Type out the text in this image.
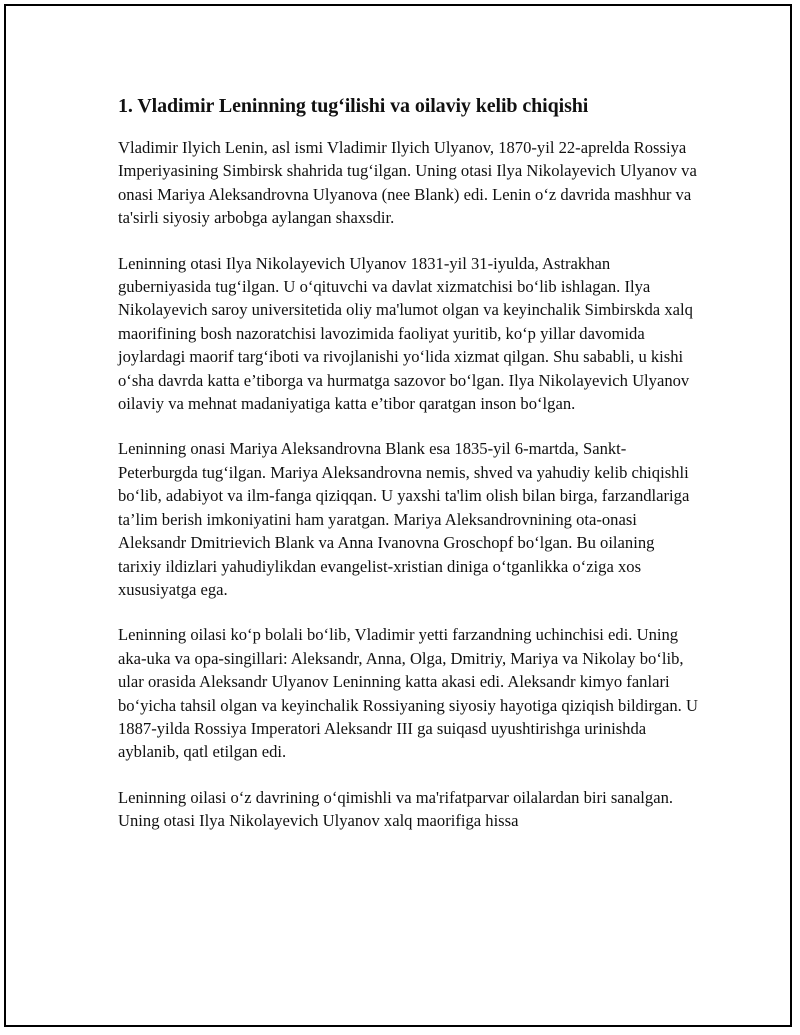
1. Vladimir Leninning tug‘ilishi va oilaviy kelib chiqishi

Vladimir Ilyich Lenin, asl ismi Vladimir Ilyich Ulyanov, 1870-yil 22-aprelda Rossiya Imperiyasining Simbirsk shahrida tug‘ilgan. Uning otasi Ilya Nikolayevich Ulyanov va onasi Mariya Aleksandrovna Ulyanova (nee Blank) edi. Lenin o‘z davrida mashhur va ta'sirli siyosiy arbobga aylangan shaxsdir.

Leninning otasi Ilya Nikolayevich Ulyanov 1831-yil 31-iyulda, Astrakhan guberniyasida tug‘ilgan. U o‘qituvchi va davlat xizmatchisi bo‘lib ishlagan. Ilya Nikolayevich saroy universitetida oliy ma'lumot olgan va keyinchalik Simbirskda xalq maorifining bosh nazoratchisi lavozimida faoliyat yuritib, ko‘p yillar davomida joylardagi maorif targ‘iboti va rivojlanishi yo‘lida xizmat qilgan. Shu sababli, u kishi o‘sha davrda katta e’tiborga va hurmatga sazovor bo‘lgan. Ilya Nikolayevich Ulyanov oilaviy va mehnat madaniyatiga katta e’tibor qaratgan inson bo‘lgan.

Leninning onasi Mariya Aleksandrovna Blank esa 1835-yil 6-martda, Sankt-Peterburgda tug‘ilgan. Mariya Aleksandrovna nemis, shved va yahudiy kelib chiqishli bo‘lib, adabiyot va ilm-fanga qiziqqan. U yaxshi ta'lim olish bilan birga, farzandlariga ta’lim berish imkoniyatini ham yaratgan. Mariya Aleksandrovnining ota-onasi Aleksandr Dmitrievich Blank va Anna Ivanovna Groschopf bo‘lgan. Bu oilaning tarixiy ildizlari yahudiylikdan evangelist-xristian diniga o‘tganlikka o‘ziga xos xususiyatga ega.

Leninning oilasi ko‘p bolali bo‘lib, Vladimir yetti farzandning uchinchisi edi. Uning aka-uka va opa-singillari: Aleksandr, Anna, Olga, Dmitriy, Mariya va Nikolay bo‘lib, ular orasida Aleksandr Ulyanov Leninning katta akasi edi. Aleksandr kimyo fanlari bo‘yicha tahsil olgan va keyinchalik Rossiyaning siyosiy hayotiga qiziqish bildirgan. U 1887-yilda Rossiya Imperatori Aleksandr III ga suiqasd uyushtirishga urinishda ayblanib, qatl etilgan edi.

Leninning oilasi o‘z davrining o‘qimishli va ma'rifatparvar oilalardan biri sanalgan. Uning otasi Ilya Nikolayevich Ulyanov xalq maorifiga hissa
